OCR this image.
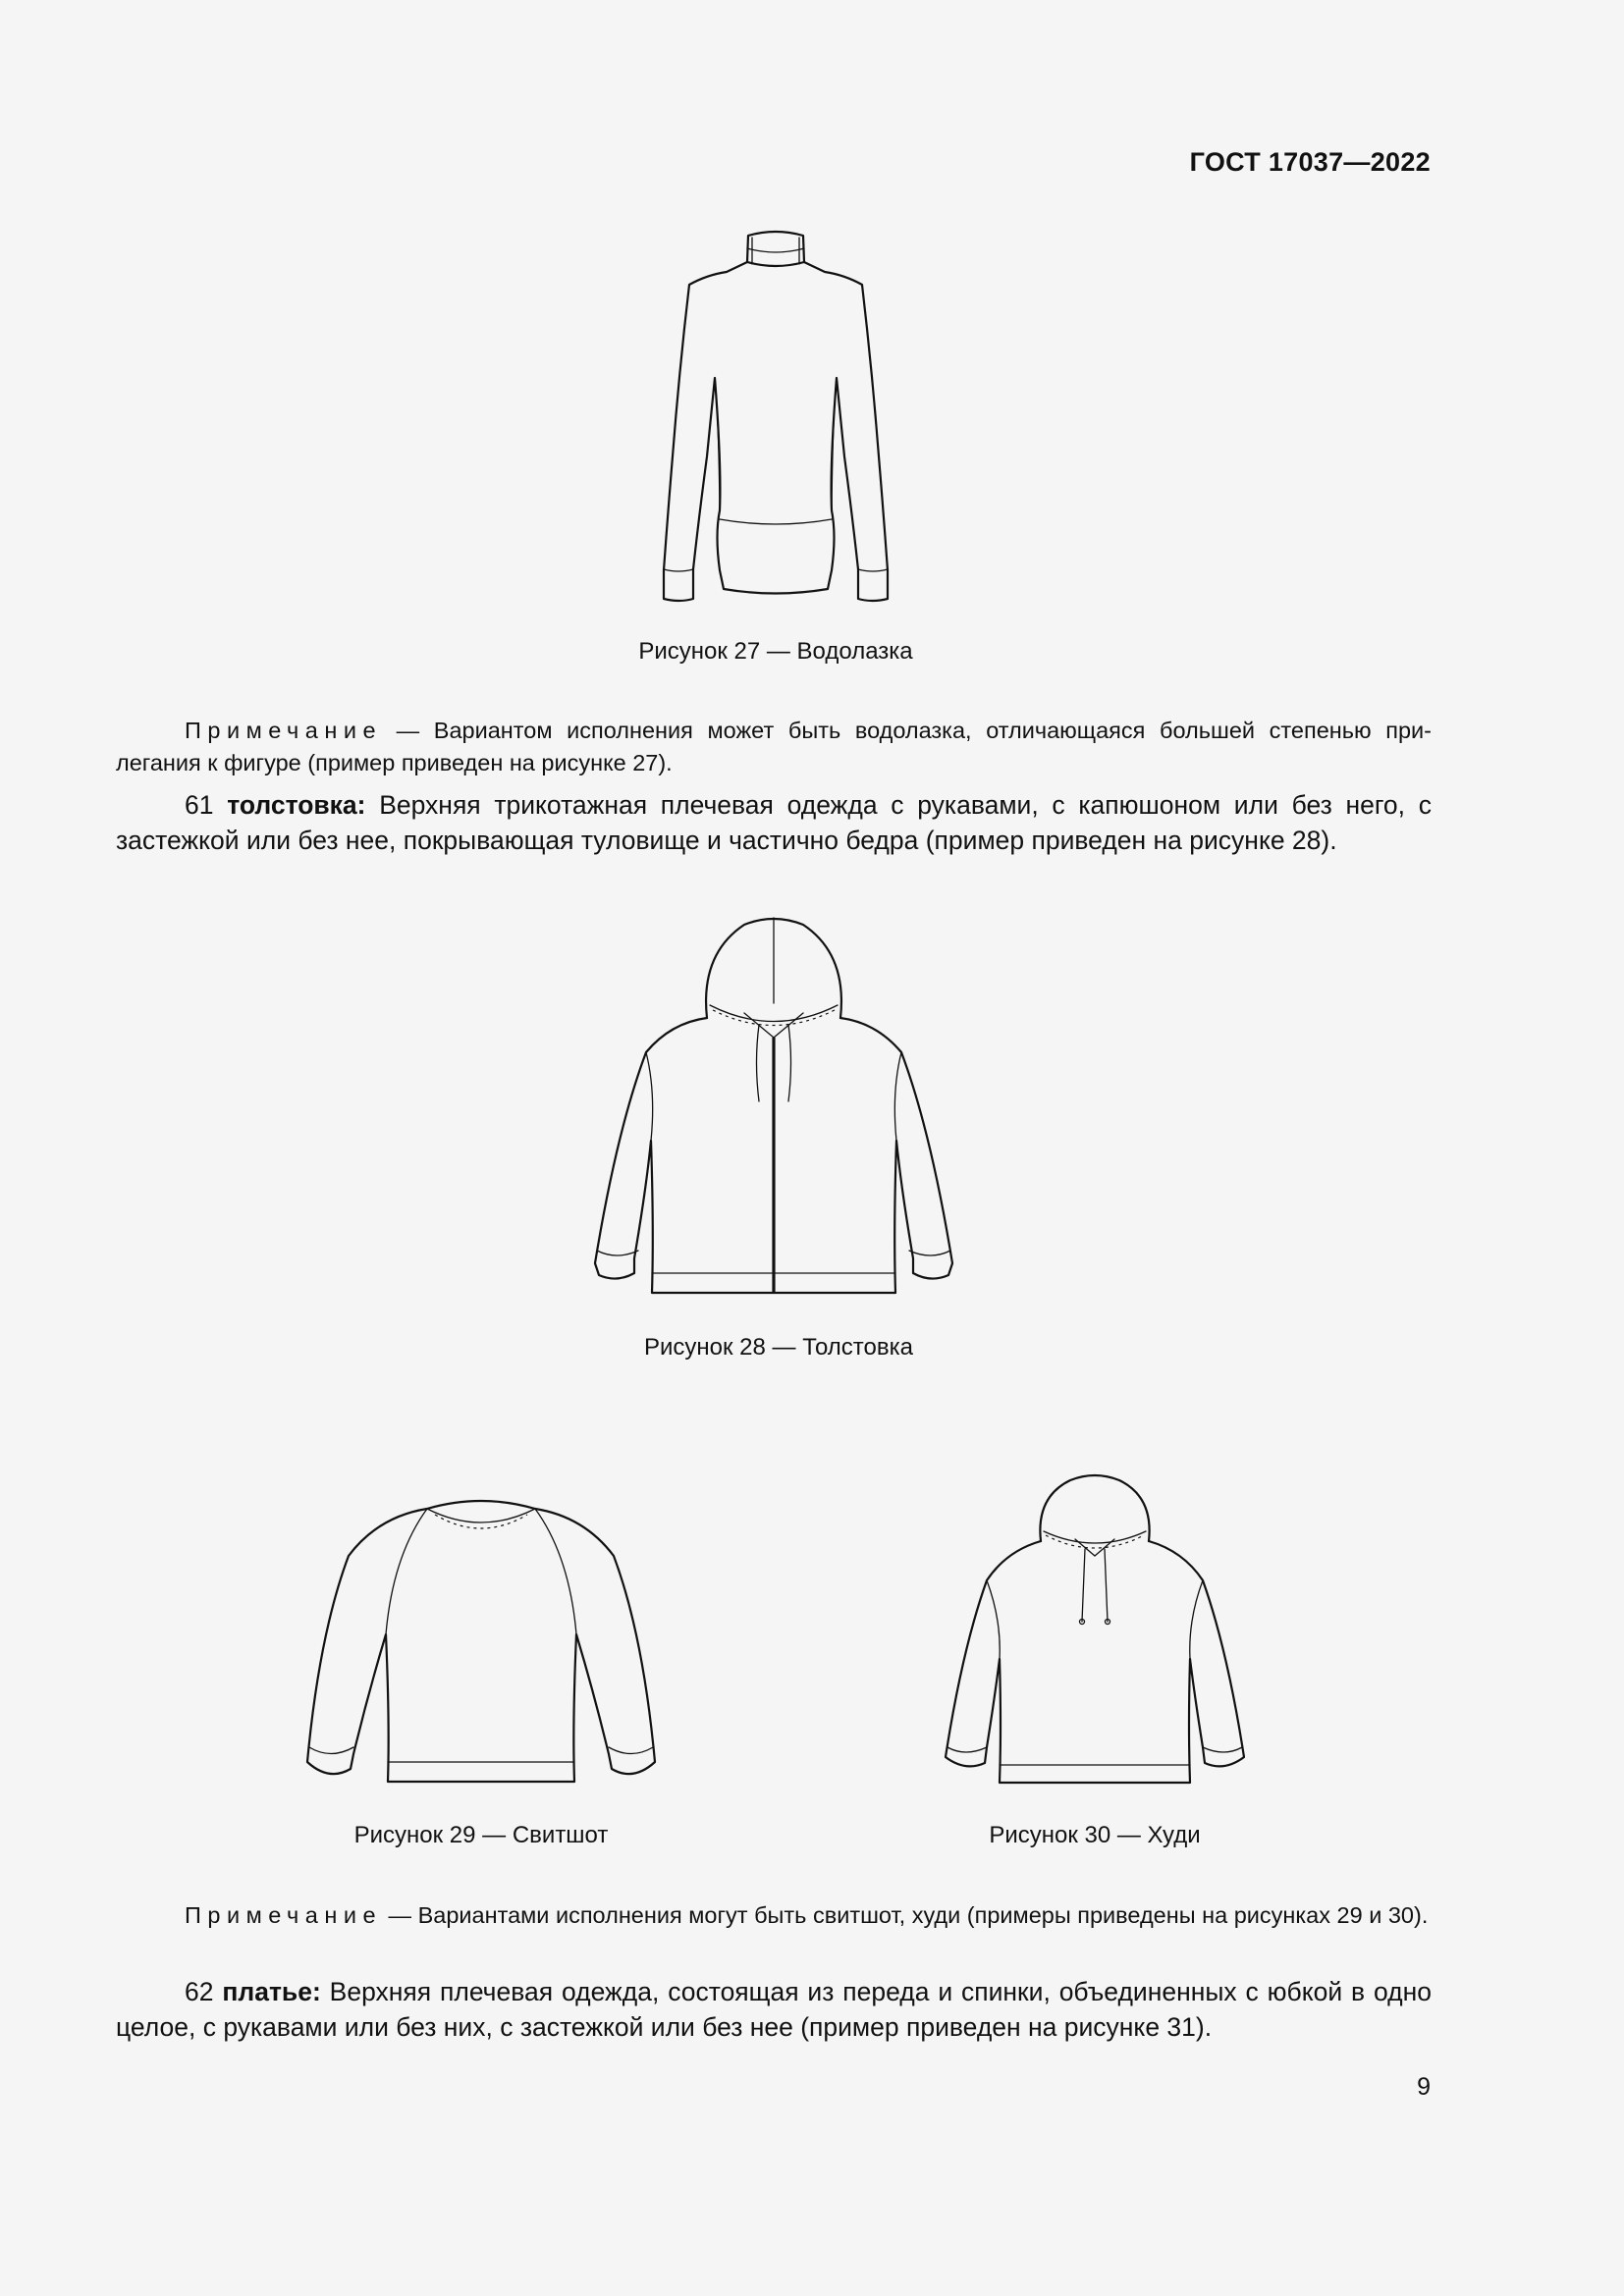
ГОСТ 17037—2022
Рисунок 27 — Водолазка

Примечание — Вариантом исполнения может быть водолазка, отличающаяся большей степенью при-легания к фигуре (пример приведен на рисунке 27).

61 толстовка: Верхняя трикотажная плечевая одежда с рукавами, с капюшоном или без него, с застежкой или без нее, покрывающая туловище и частично бедра (пример приведен на рисунке 28).

Рисунок 28 — Толстовка
Рисунок 29 — Свитшот	Рисунок 30 — Худи

Примечание — Вариантами исполнения могут быть свитшот, худи (примеры приведены на рисунках 29 и 30).

62 платье: Верхняя плечевая одежда, состоящая из переда и спинки, объединенных с юбкой в одно целое, с рукавами или без них, с застежкой или без нее (пример приведен на рисунке 31).

9
